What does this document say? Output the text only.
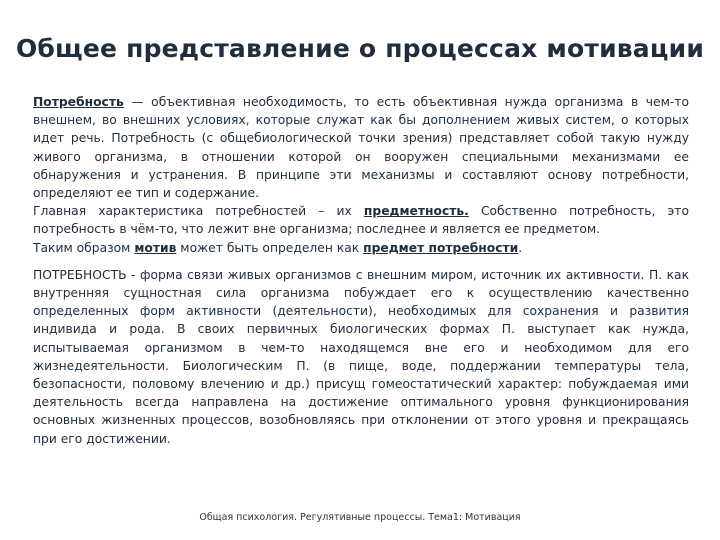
Общее представление о процессах мотивации

Потребность — объективная необходимость, то есть объективная нужда организма в чем-то внешнем, во внешних условиях, которые служат как бы дополнением живых систем, о которых идет речь. Потребность (с общебиологической точки зрения) представляет собой такую нужду живого организма, в отношении которой он вооружен специальными механизмами ее обнаружения и устранения. В принципе эти механизмы и составляют основу потребности, определяют ее тип и содержание.

Главная характеристика потребностей – их предметность. Собственно потребность, это потребность в чём-то, что лежит вне организма; последнее и является ее предметом.

Таким образом мотив может быть определен как предмет потребности.

ПОТРЕБНОСТЬ - форма связи живых организмов с внешним миром, источник их активности. П. как внутренняя сущностная сила организма побуждает его к осуществлению качественно определенных форм активности (деятельности), необходимых для сохранения и развития индивида и рода. В своих первичных биологических формах П. выступает как нужда, испытываемая организмом в чем-то находящемся вне его и необходимом для его жизнедеятельности. Биологическим П. (в пище, воде, поддержании температуры тела, безопасности, половому влечению и др.) присущ гомеостатический характер: побуждаемая ими деятельность всегда направлена на достижение оптимального уровня функционирования основных жизненных процессов, возобновляясь при отклонении от этого уровня и прекращаясь при его достижении.

Общая психология. Регулятивные процессы. Тема1: Мотивация
